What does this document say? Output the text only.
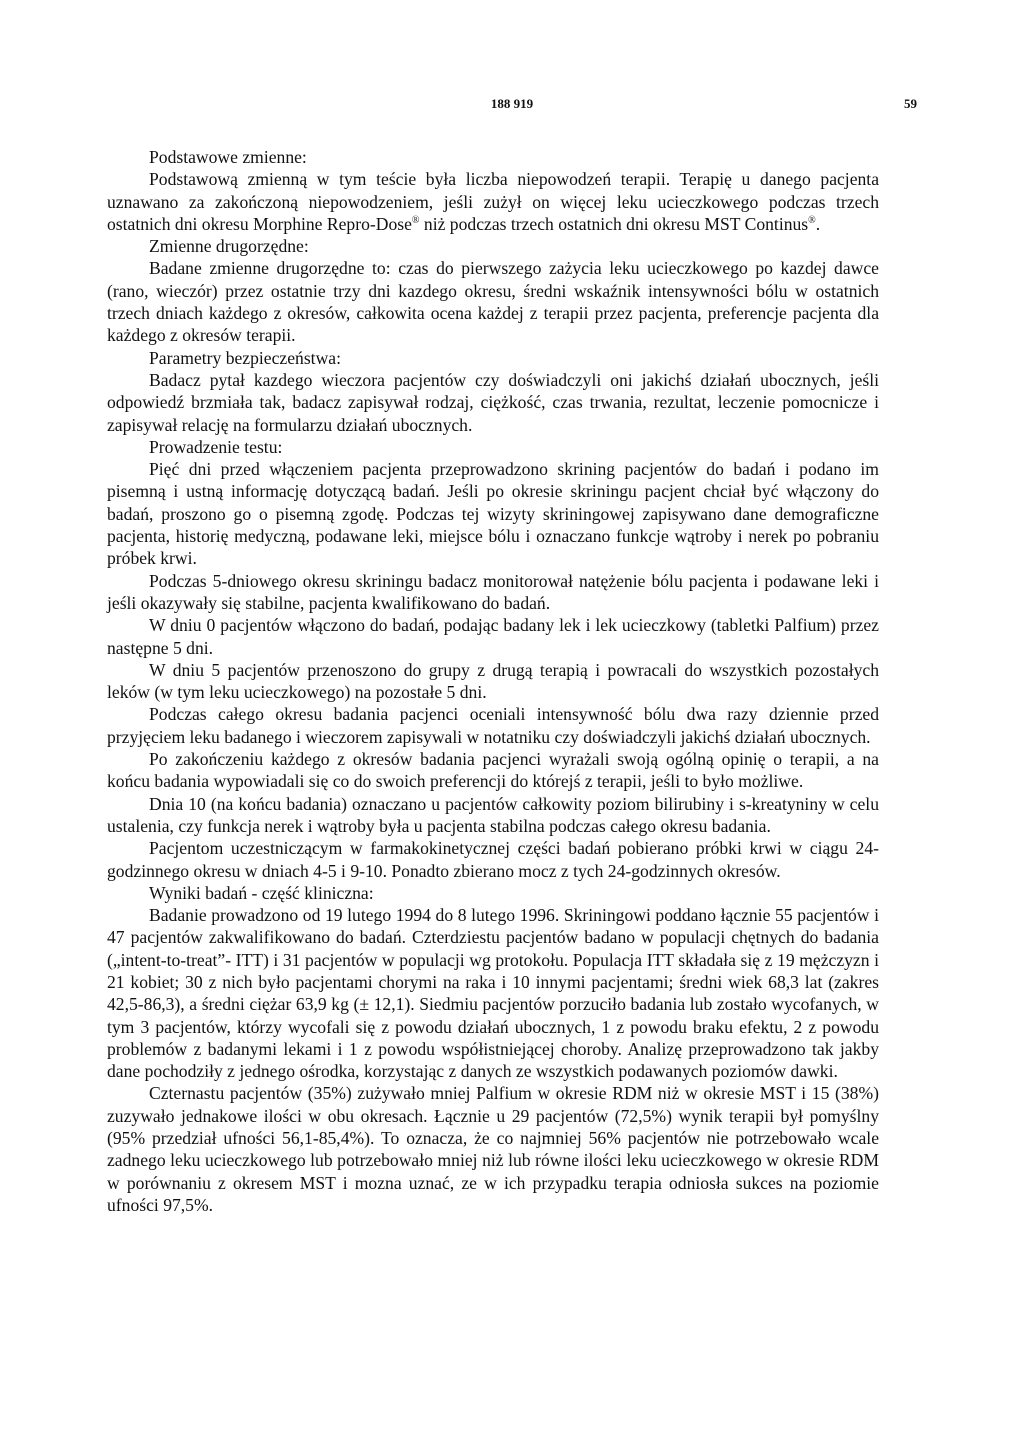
188 919	59

Podstawowe zmienne:

Podstawową zmienną w tym teście była liczba niepowodzeń terapii. Terapię u danego pacjenta uznawano za zakończoną niepowodzeniem, jeśli zużył on więcej leku ucieczkowego podczas trzech ostatnich dni okresu Morphine Repro-Dose® niż podczas trzech ostatnich dni okresu MST Continus®.

Zmienne drugorzędne:

Badane zmienne drugorzędne to: czas do pierwszego zażycia leku ucieczkowego po kazdej dawce (rano, wieczór) przez ostatnie trzy dni kazdego okresu, średni wskaźnik intensywności bólu w ostatnich trzech dniach każdego z okresów, całkowita ocena każdej z terapii przez pacjenta, preferencje pacjenta dla każdego z okresów terapii.

Parametry bezpieczeństwa:

Badacz pytał kazdego wieczora pacjentów czy doświadczyli oni jakichś działań ubocznych, jeśli odpowiedź brzmiała tak, badacz zapisywał rodzaj, ciężkość, czas trwania, rezultat, leczenie pomocnicze i zapisywał relację na formularzu działań ubocznych.

Prowadzenie testu:

Pięć dni przed włączeniem pacjenta przeprowadzono skrining pacjentów do badań i podano im pisemną i ustną informację dotyczącą badań. Jeśli po okresie skriningu pacjent chciał być włączony do badań, proszono go o pisemną zgodę. Podczas tej wizyty skriningowej zapisywano dane demograficzne pacjenta, historię medyczną, podawane leki, miejsce bólu i oznaczano funkcje wątroby i nerek po pobraniu próbek krwi.

Podczas 5-dniowego okresu skriningu badacz monitorował natężenie bólu pacjenta i podawane leki i jeśli okazywały się stabilne, pacjenta kwalifikowano do badań.

W dniu 0 pacjentów włączono do badań, podając badany lek i lek ucieczkowy (tabletki Palfium) przez następne 5 dni.

W dniu 5 pacjentów przenoszono do grupy z drugą terapią i powracali do wszystkich pozostałych leków (w tym leku ucieczkowego) na pozostałe 5 dni.

Podczas całego okresu badania pacjenci oceniali intensywność bólu dwa razy dziennie przed przyjęciem leku badanego i wieczorem zapisywali w notatniku czy doświadczyli jakichś działań ubocznych.

Po zakończeniu każdego z okresów badania pacjenci wyrażali swoją ogólną opinię o terapii, a na końcu badania wypowiadali się co do swoich preferencji do którejś z terapii, jeśli to było możliwe.

Dnia 10 (na końcu badania) oznaczano u pacjentów całkowity poziom bilirubiny i s-kreatyniny w celu ustalenia, czy funkcja nerek i wątroby była u pacjenta stabilna podczas całego okresu badania.

Pacjentom uczestniczącym w farmakokinetycznej części badań pobierano próbki krwi w ciągu 24-godzinnego okresu w dniach 4-5 i 9-10. Ponadto zbierano mocz z tych 24-godzinnych okresów.

Wyniki badań - część kliniczna:

Badanie prowadzono od 19 lutego 1994 do 8 lutego 1996. Skriningowi poddano łącznie 55 pacjentów i 47 pacjentów zakwalifikowano do badań. Czterdziestu pacjentów badano w populacji chętnych do badania („intent-to-treat”- ITT) i 31 pacjentów w populacji wg protokołu. Populacja ITT składała się z 19 mężczyzn i 21 kobiet; 30 z nich było pacjentami chorymi na raka i 10 innymi pacjentami; średni wiek 68,3 lat (zakres 42,5-86,3), a średni ciężar 63,9 kg (± 12,1). Siedmiu pacjentów porzuciło badania lub zostało wycofanych, w tym 3 pacjentów, którzy wycofali się z powodu działań ubocznych, 1 z powodu braku efektu, 2 z powodu problemów z badanymi lekami i 1 z powodu współistniejącej choroby. Analizę przeprowadzono tak jakby dane pochodziły z jednego ośrodka, korzystając z danych ze wszystkich podawanych poziomów dawki.

Czternastu pacjentów (35%) zużywało mniej Palfium w okresie RDM niż w okresie MST i 15 (38%) zuzywało jednakowe ilości w obu okresach. Łącznie u 29 pacjentów (72,5%) wynik terapii był pomyślny (95% przedział ufności 56,1-85,4%). To oznacza, że co najmniej 56% pacjentów nie potrzebowało wcale zadnego leku ucieczkowego lub potrzebowało mniej niż lub równe ilości leku ucieczkowego w okresie RDM w porównaniu z okresem MST i mozna uznać, ze w ich przypadku terapia odniosła sukces na poziomie ufności 97,5%.
